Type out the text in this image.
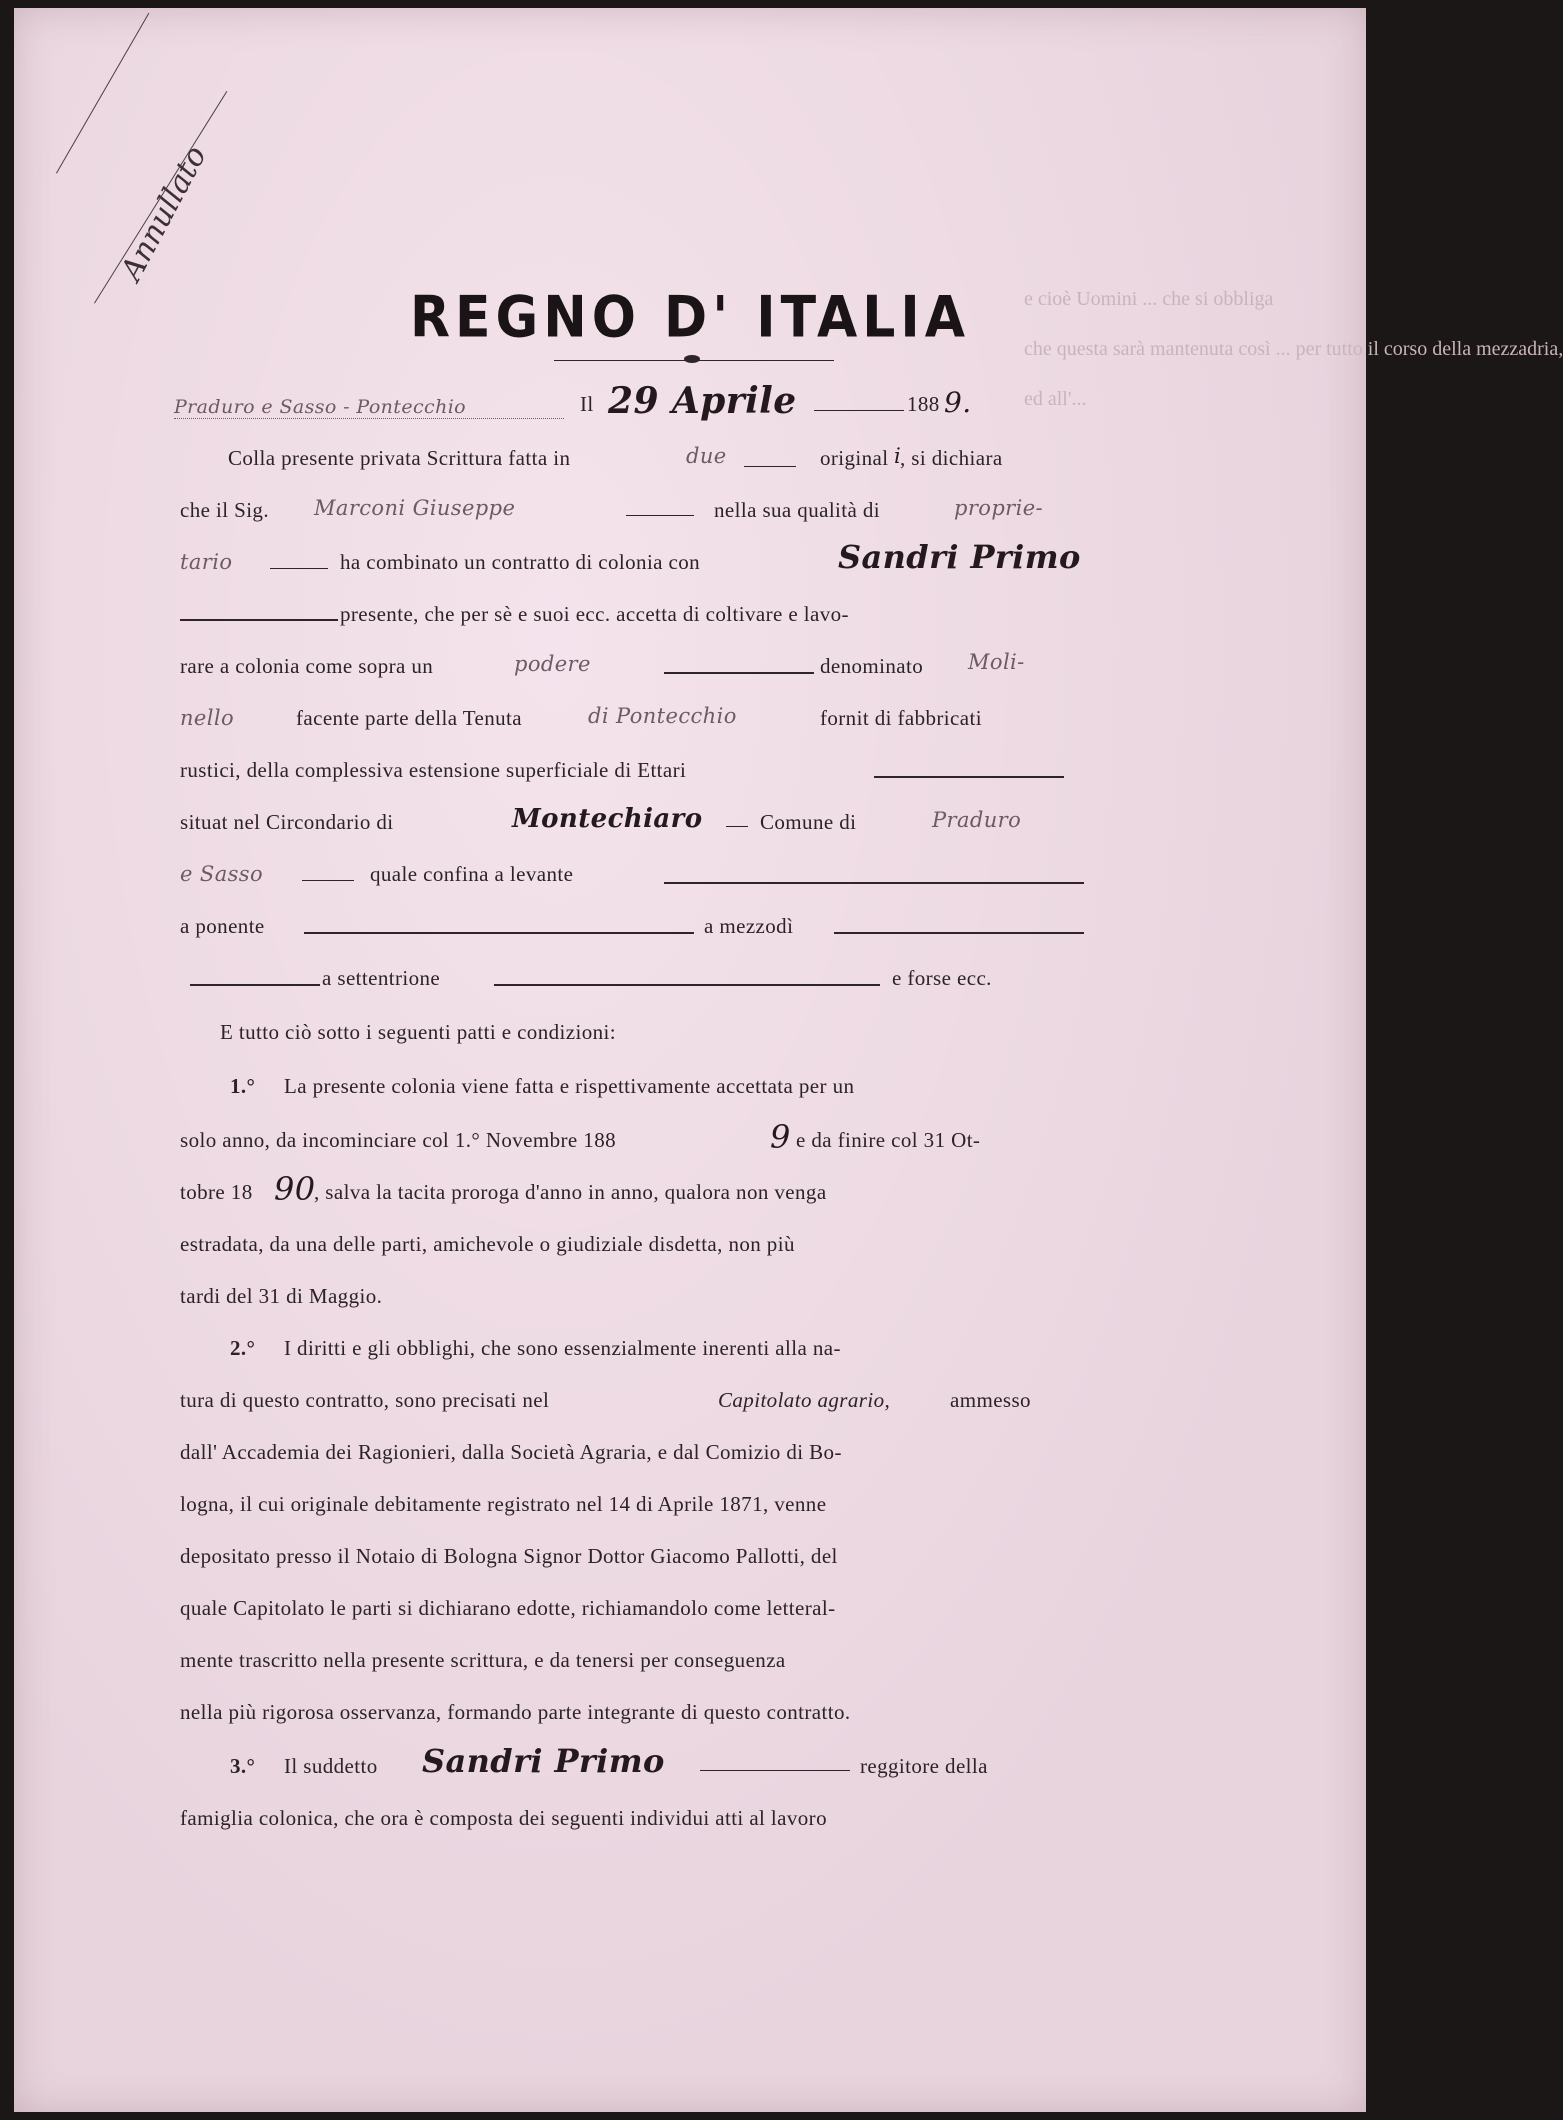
Annullato
e cioè Uomini ... che si obbliga
che questa sarà mantenuta così ... per tutto il corso della mezzadria,
ed all'...
REGNO D' ITALIA
Praduro e Sasso - Pontecchio	Il 29 Aprile	188 9.
Colla presente privata Scrittura fatta in	due	original i
, si dichiara
che il Sig. Marconi Giuseppe	nella sua qualità di	proprie-
tario	ha combinato un contratto di colonia con	Sandri Primo
presente, che per sè e suoi ecc. accetta di coltivare e lavo-
rare a colonia come sopra un	podere	denominato Moli-
nello	facente parte della Tenuta	di Pontecchio	fornit di fabbricati
rustici, della complessiva estensione superficiale di Ettari
situat nel Circondario di	Montechiaro	Comune di	Praduro
e Sasso	quale confina a levante
a ponente	a mezzodì
a settentrione	e forse ecc.
E tutto ciò sotto i seguenti patti e condizioni:
1.° La presente colonia viene fatta e rispettivamente accettata per un
solo anno, da incominciare col 1.° Novembre 188	9 e da finire col 31 Ot-
tobre 18 90
, salva la tacita proroga d'anno in anno, qualora non venga
estradata, da una delle parti, amichevole o giudiziale disdetta, non più
tardi del 31 di Maggio.
2.° I diritti e gli obblighi, che sono essenzialmente inerenti alla na-
tura di questo contratto, sono precisati nel	Capitolato agrario,	ammesso
dall' Accademia dei Ragionieri, dalla Società Agraria, e dal Comizio di Bo-
logna, il cui originale debitamente registrato nel 14 di Aprile 1871, venne
depositato presso il Notaio di Bologna Signor Dottor Giacomo Pallotti, del
quale Capitolato le parti si dichiarano edotte, richiamandolo come letteral-
mente trascritto nella presente scrittura, e da tenersi per conseguenza
nella più rigorosa osservanza, formando parte integrante di questo contratto.
3.° Il suddetto Sandri Primo	reggitore della
famiglia colonica, che ora è composta dei seguenti individui atti al lavoro
